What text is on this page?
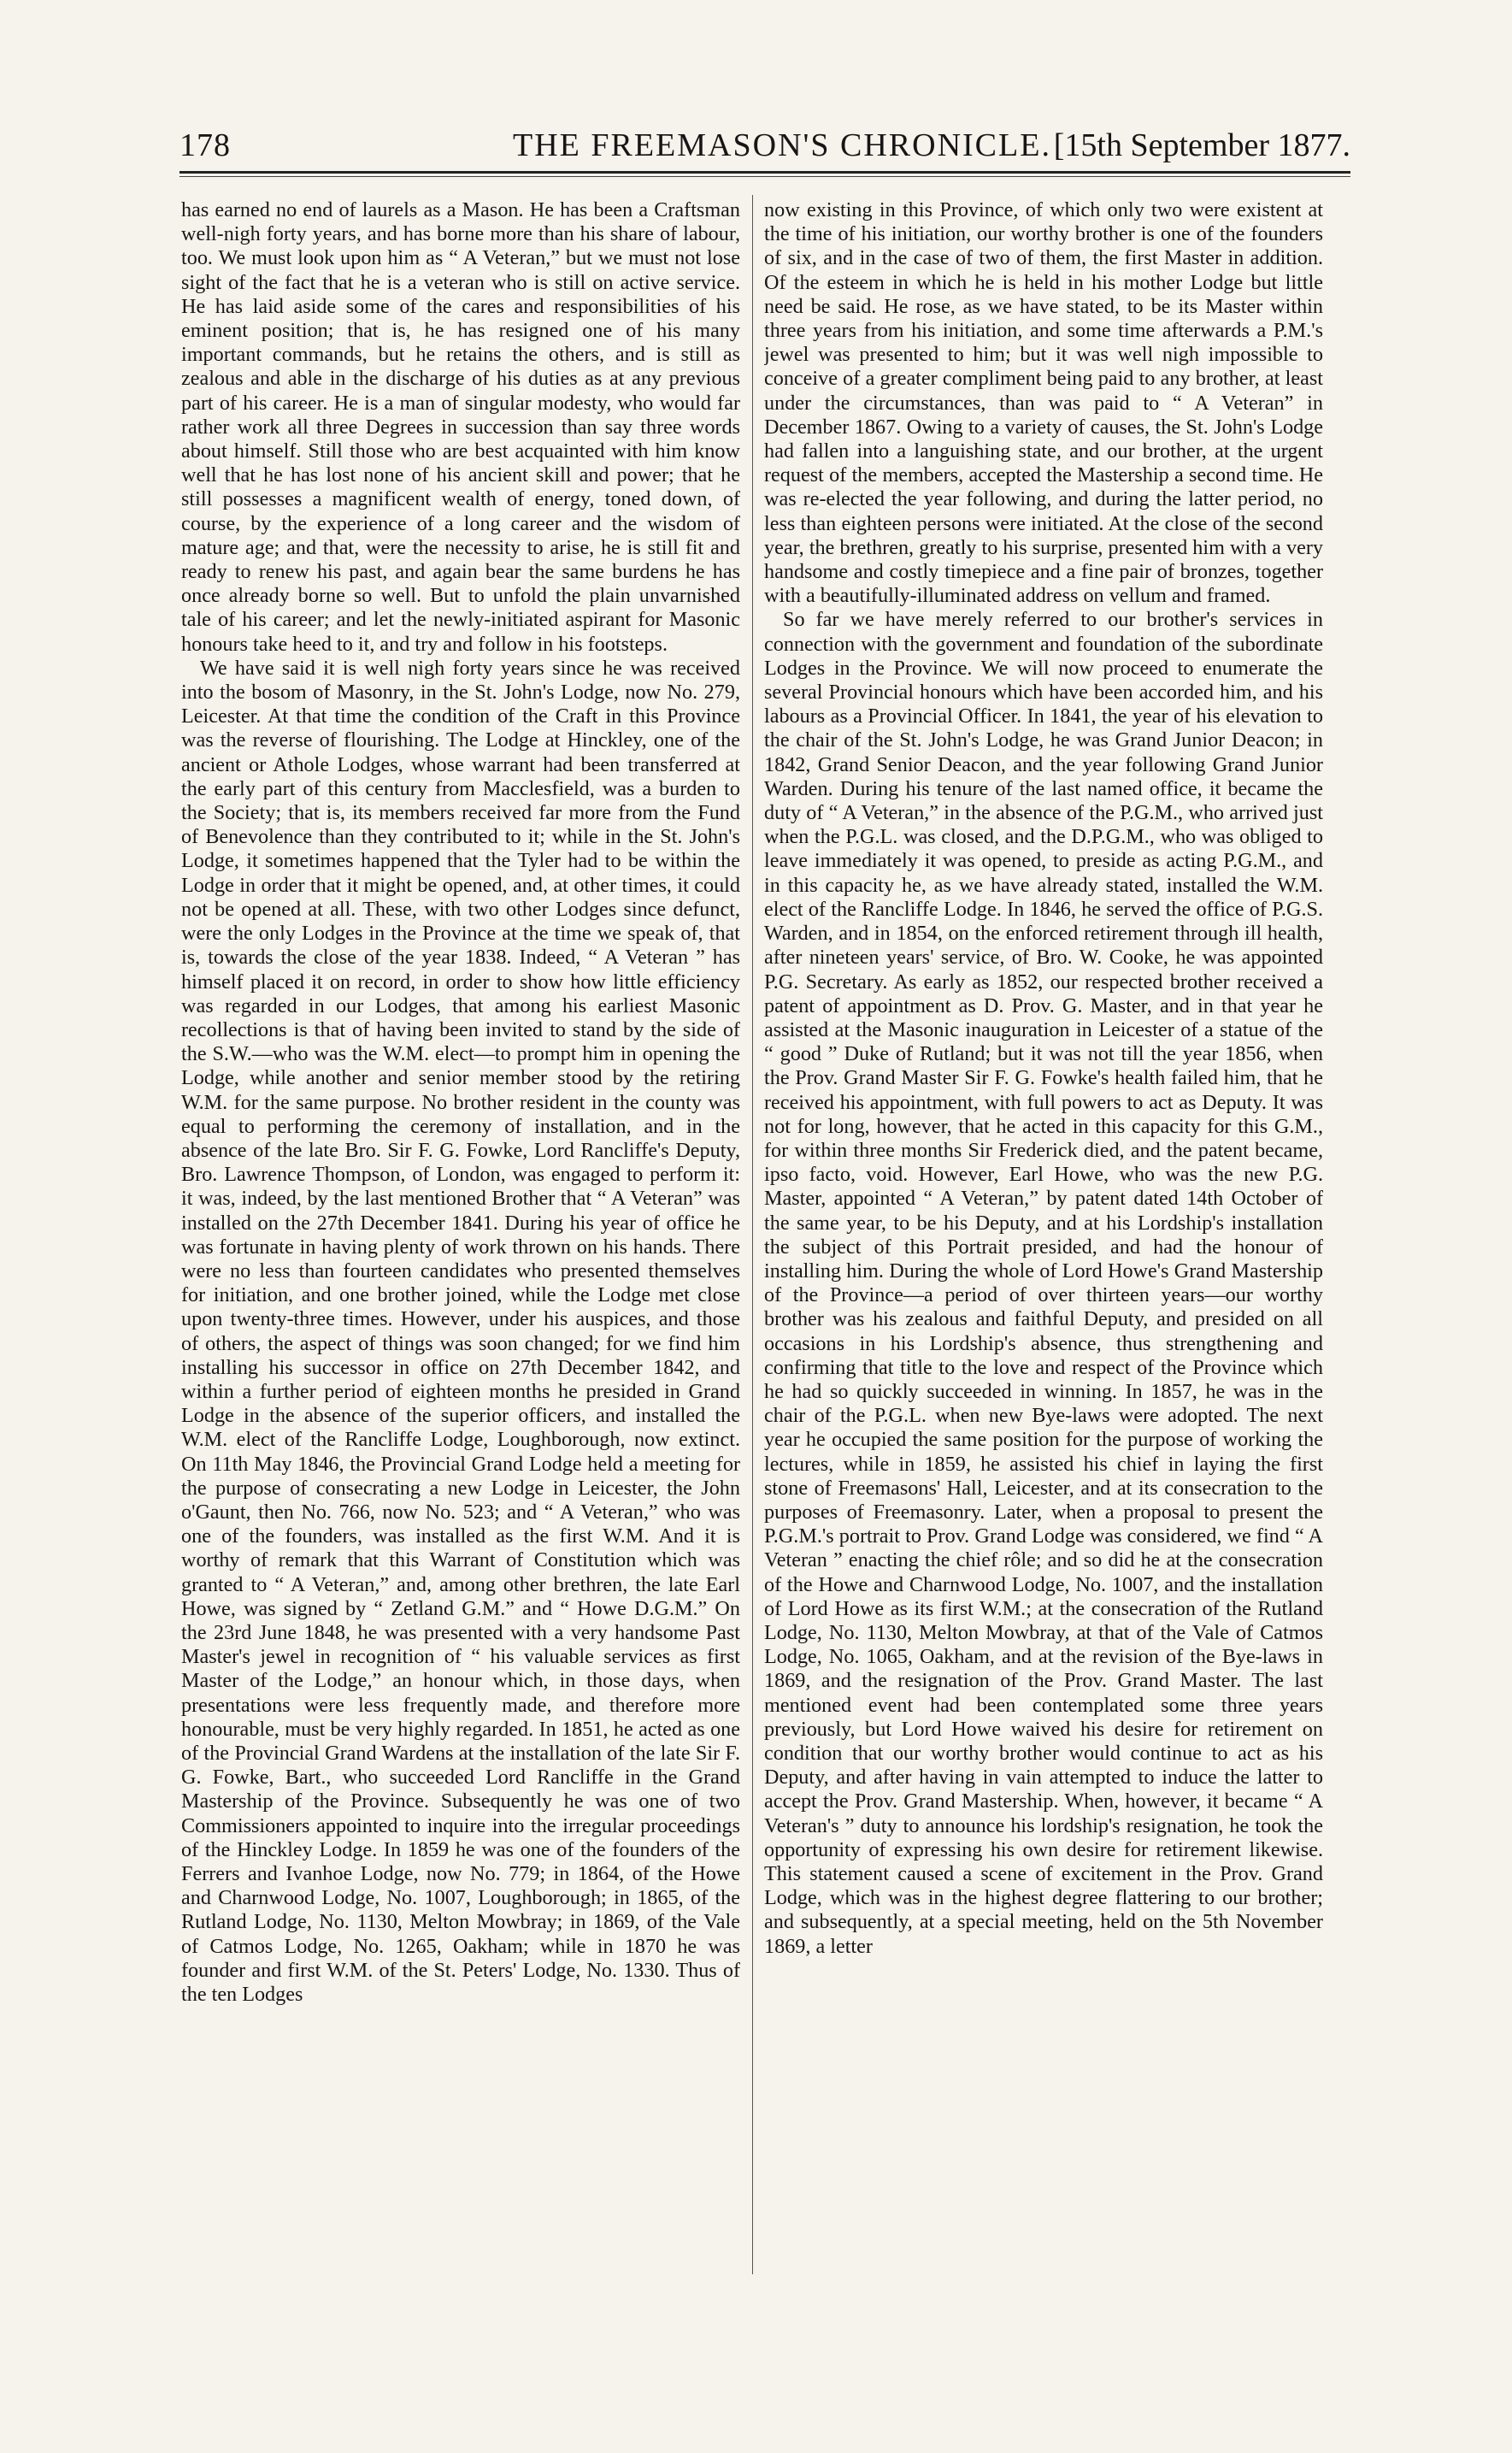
178	THE FREEMASON'S CHRONICLE. [15th September 1877.

has earned no end of laurels as a Mason. He has been a Craftsman well-nigh forty years, and has borne more than his share of labour, too. We must look upon him as “ A Veteran,” but we must not lose sight of the fact that he is a veteran who is still on active service. He has laid aside some of the cares and responsibilities of his eminent position; that is, he has resigned one of his many important commands, but he retains the others, and is still as zealous and able in the discharge of his duties as at any previous part of his career. He is a man of singular modesty, who would far rather work all three Degrees in succession than say three words about himself. Still those who are best acquainted with him know well that he has lost none of his ancient skill and power; that he still possesses a magnificent wealth of energy, toned down, of course, by the experience of a long career and the wisdom of mature age; and that, were the necessity to arise, he is still fit and ready to renew his past, and again bear the same burdens he has once already borne so well. But to unfold the plain unvarnished tale of his career; and let the newly-initiated aspirant for Masonic honours take heed to it, and try and follow in his footsteps.

We have said it is well nigh forty years since he was received into the bosom of Masonry, in the St. John's Lodge, now No. 279, Leicester. At that time the condition of the Craft in this Province was the reverse of flourishing. The Lodge at Hinckley, one of the ancient or Athole Lodges, whose warrant had been transferred at the early part of this century from Macclesfield, was a burden to the Society; that is, its members received far more from the Fund of Benevolence than they contributed to it; while in the St. John's Lodge, it sometimes happened that the Tyler had to be within the Lodge in order that it might be opened, and, at other times, it could not be opened at all. These, with two other Lodges since defunct, were the only Lodges in the Province at the time we speak of, that is, towards the close of the year 1838. Indeed, “ A Veteran ” has himself placed it on record, in order to show how little efficiency was regarded in our Lodges, that among his earliest Masonic recollections is that of having been invited to stand by the side of the S.W.—who was the W.M. elect—to prompt him in opening the Lodge, while another and senior member stood by the retiring W.M. for the same purpose. No brother resident in the county was equal to performing the ceremony of installation, and in the absence of the late Bro. Sir F. G. Fowke, Lord Rancliffe's Deputy, Bro. Lawrence Thompson, of London, was engaged to perform it: it was, indeed, by the last mentioned Brother that “ A Veteran” was installed on the 27th December 1841. During his year of office he was fortunate in having plenty of work thrown on his hands. There were no less than fourteen candidates who presented themselves for initiation, and one brother joined, while the Lodge met close upon twenty-three times. However, under his auspices, and those of others, the aspect of things was soon changed; for we find him installing his successor in office on 27th December 1842, and within a further period of eighteen months he presided in Grand Lodge in the absence of the superior officers, and installed the W.M. elect of the Rancliffe Lodge, Loughborough, now extinct. On 11th May 1846, the Provincial Grand Lodge held a meeting for the purpose of consecrating a new Lodge in Leicester, the John o'Gaunt, then No. 766, now No. 523; and “ A Veteran,” who was one of the founders, was installed as the first W.M. And it is worthy of remark that this Warrant of Constitution which was granted to “ A Veteran,” and, among other brethren, the late Earl Howe, was signed by “ Zetland G.M.” and “ Howe D.G.M.” On the 23rd June 1848, he was presented with a very handsome Past Master's jewel in recognition of “ his valuable services as first Master of the Lodge,” an honour which, in those days, when presentations were less frequently made, and therefore more honourable, must be very highly regarded. In 1851, he acted as one of the Provincial Grand Wardens at the installation of the late Sir F. G. Fowke, Bart., who succeeded Lord Rancliffe in the Grand Mastership of the Province. Subsequently he was one of two Commissioners appointed to inquire into the irregular proceedings of the Hinckley Lodge. In 1859 he was one of the founders of the Ferrers and Ivanhoe Lodge, now No. 779; in 1864, of the Howe and Charnwood Lodge, No. 1007, Loughborough; in 1865, of the Rutland Lodge, No. 1130, Melton Mowbray; in 1869, of the Vale of Catmos Lodge, No. 1265, Oakham; while in 1870 he was founder and first W.M. of the St. Peters' Lodge, No. 1330. Thus of the ten Lodges

now existing in this Province, of which only two were existent at the time of his initiation, our worthy brother is one of the founders of six, and in the case of two of them, the first Master in addition. Of the esteem in which he is held in his mother Lodge but little need be said. He rose, as we have stated, to be its Master within three years from his initiation, and some time afterwards a P.M.'s jewel was presented to him; but it was well nigh impossible to conceive of a greater compliment being paid to any brother, at least under the circumstances, than was paid to “ A Veteran” in December 1867. Owing to a variety of causes, the St. John's Lodge had fallen into a languishing state, and our brother, at the urgent request of the members, accepted the Mastership a second time. He was re-elected the year following, and during the latter period, no less than eighteen persons were initiated. At the close of the second year, the brethren, greatly to his surprise, presented him with a very handsome and costly timepiece and a fine pair of bronzes, together with a beautifully-illuminated address on vellum and framed.

So far we have merely referred to our brother's services in connection with the government and foundation of the subordinate Lodges in the Province. We will now proceed to enumerate the several Provincial honours which have been accorded him, and his labours as a Provincial Officer. In 1841, the year of his elevation to the chair of the St. John's Lodge, he was Grand Junior Deacon; in 1842, Grand Senior Deacon, and the year following Grand Junior Warden. During his tenure of the last named office, it became the duty of “ A Veteran,” in the absence of the P.G.M., who arrived just when the P.G.L. was closed, and the D.P.G.M., who was obliged to leave immediately it was opened, to preside as acting P.G.M., and in this capacity he, as we have already stated, installed the W.M. elect of the Rancliffe Lodge. In 1846, he served the office of P.G.S. Warden, and in 1854, on the enforced retirement through ill health, after nineteen years' service, of Bro. W. Cooke, he was appointed P.G. Secretary. As early as 1852, our respected brother received a patent of appointment as D. Prov. G. Master, and in that year he assisted at the Masonic inauguration in Leicester of a statue of the “ good ” Duke of Rutland; but it was not till the year 1856, when the Prov. Grand Master Sir F. G. Fowke's health failed him, that he received his appointment, with full powers to act as Deputy. It was not for long, however, that he acted in this capacity for this G.M., for within three months Sir Frederick died, and the patent became, ipso facto, void. However, Earl Howe, who was the new P.G. Master, appointed “ A Veteran,” by patent dated 14th October of the same year, to be his Deputy, and at his Lordship's installation the subject of this Portrait presided, and had the honour of installing him. During the whole of Lord Howe's Grand Mastership of the Province—a period of over thirteen years—our worthy brother was his zealous and faithful Deputy, and presided on all occasions in his Lordship's absence, thus strengthening and confirming that title to the love and respect of the Province which he had so quickly succeeded in winning. In 1857, he was in the chair of the P.G.L. when new Bye-laws were adopted. The next year he occupied the same position for the purpose of working the lectures, while in 1859, he assisted his chief in laying the first stone of Freemasons' Hall, Leicester, and at its consecration to the purposes of Freemasonry. Later, when a proposal to present the P.G.M.'s portrait to Prov. Grand Lodge was considered, we find “ A Veteran ” enacting the chief rôle; and so did he at the consecration of the Howe and Charnwood Lodge, No. 1007, and the installation of Lord Howe as its first W.M.; at the consecration of the Rutland Lodge, No. 1130, Melton Mowbray, at that of the Vale of Catmos Lodge, No. 1065, Oakham, and at the revision of the Bye-laws in 1869, and the resignation of the Prov. Grand Master. The last mentioned event had been contemplated some three years previously, but Lord Howe waived his desire for retirement on condition that our worthy brother would continue to act as his Deputy, and after having in vain attempted to induce the latter to accept the Prov. Grand Mastership. When, however, it became “ A Veteran's ” duty to announce his lordship's resignation, he took the opportunity of expressing his own desire for retirement likewise. This statement caused a scene of excitement in the Prov. Grand Lodge, which was in the highest degree flattering to our brother; and subsequently, at a special meeting, held on the 5th November 1869, a letter
